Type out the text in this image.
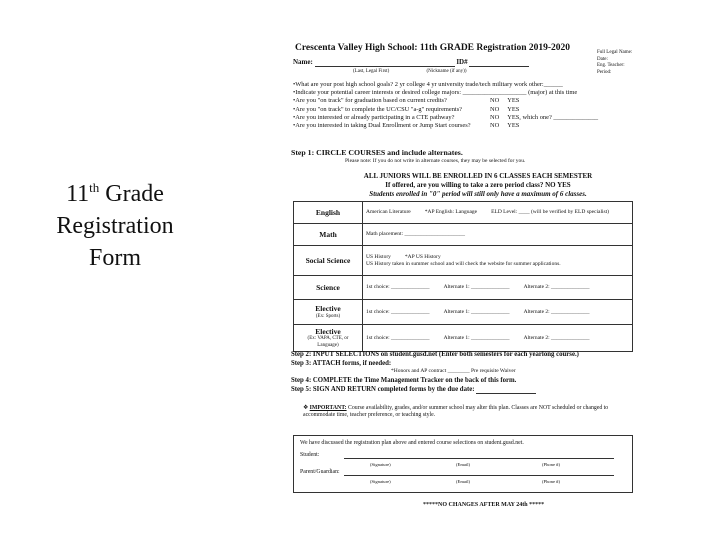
11th Grade
Registration
Form
Crescenta Valley High School: 11th GRADE Registration 2019-2020	Full Legal Name:
Date:
Eng. Teacher:
Period:
Name:	ID#
(Last, Legal First)	(Nickname (if any))
•What are your post high school goals? 2 yr college 4 yr university trade/tech military work other:______
•Indicate your potential career interests or desired college majors: ____________________ (major) at this time
•Are you "on track" for graduation based on current credits?	NO YES
•Are you "on track" to complete the UC/CSU "a-g" requirements?	NO YES
•Are you interested or already participating in a CTE pathway?	NO YES, which one? ______________
•Are you interested in taking Dual Enrollment or Jump Start courses?	NO YES
Step 1: CIRCLE COURSES and include alternates.
Please note: If you do not write in alternate courses, they may be selected for you.
ALL JUNIORS WILL BE ENROLLED IN 6 CLASSES EACH SEMESTER
If offered, are you willing to take a zero period class? NO YES
Students enrolled in "0" period will still only have a maximum of 6 classes.
English	American Literature *AP English: Language ELD Level: ____ (will be verified by ELD specialist)

Math	Math placement: ______________________

Social Science	US History *AP US History
US History taken in summer school and will check the website for summer applications.

Science	1st choice: ______________ Alternate 1: ______________ Alternate 2: ______________

Elective
(Ex: Sports)	1st choice: ______________ Alternate 1: ______________ Alternate 2: ______________

Elective
(Ex: VAPA, CTE, or Language)	1st choice: ______________ Alternate 1: ______________ Alternate 2: ______________
Step 2: INPUT SELECTIONS on student.gusd.net (Enter both semesters for each yearlong course.)
Step 3: ATTACH forms, if needed:
*Honors and AP contract ________ Pre requisite Waiver
Step 4: COMPLETE the Time Management Tracker on the back of this form.
Step 5: SIGN AND RETURN completed forms by the due date:
❖ IMPORTANT: Course availability, grades, and/or summer school may alter this plan. Classes are NOT scheduled or changed to accommodate time, teacher preference, or teaching style.
We have discussed the registration plan above and entered course selections on student.gusd.net.
Student:
(Signature)	(Email)	(Phone #)
Parent/Guardian:
(Signature)	(Email)	(Phone #)
*****NO CHANGES AFTER MAY 24th *****
